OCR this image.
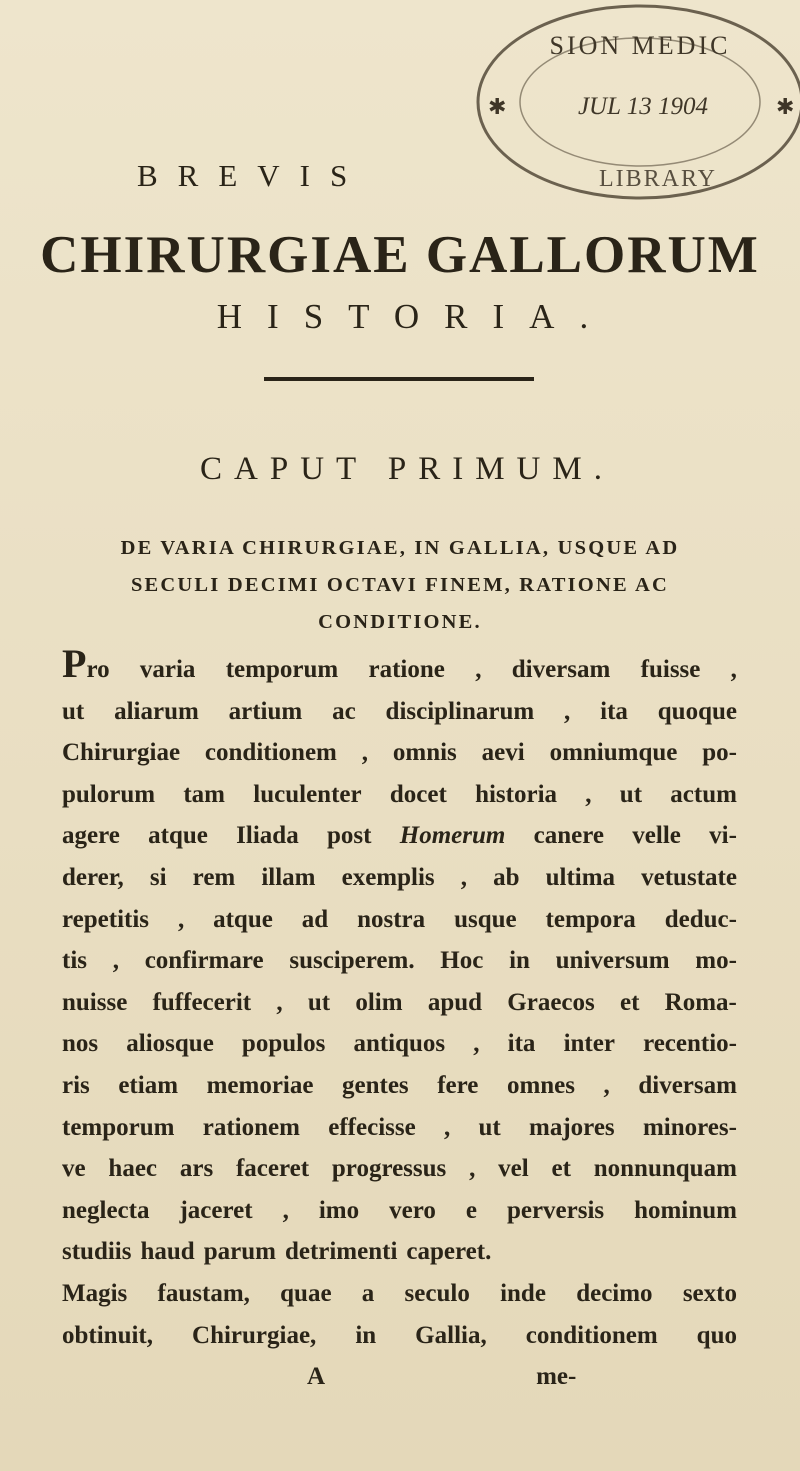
SION MEDIC
JUL 13 1904
LIBRARY
✱	✱
BREVIS
CHIRURGIAE GALLORUM
HISTORIA.
CAPUT PRIMUM.
DE VARIA CHIRURGIAE, IN GALLIA, USQUE AD
SECULI DECIMI OCTAVI FINEM, RATIONE AC
CONDITIONE.
Pro varia temporum ratione , diversam fuisse ,
ut aliarum artium ac disciplinarum , ita quoque
Chirurgiae conditionem , omnis aevi omniumque po-
pulorum tam luculenter docet historia , ut actum
agere atque Iliada post Homerum canere velle vi-
derer, si rem illam exemplis , ab ultima vetustate
repetitis , atque ad nostra usque tempora deduc-
tis , confirmare susciperem. Hoc in universum mo-
nuisse fuffecerit , ut olim apud Graecos et Roma-
nos aliosque populos antiquos , ita inter recentio-
ris etiam memoriae gentes fere omnes , diversam
temporum rationem effecisse , ut majores minores-
ve haec ars faceret progressus , vel et nonnunquam
neglecta jaceret , imo vero e perversis hominum
studiis haud parum detrimenti caperet.
Magis faustam, quae a seculo inde decimo sexto
obtinuit, Chirurgiae, in Gallia, conditionem quo
A	me-
